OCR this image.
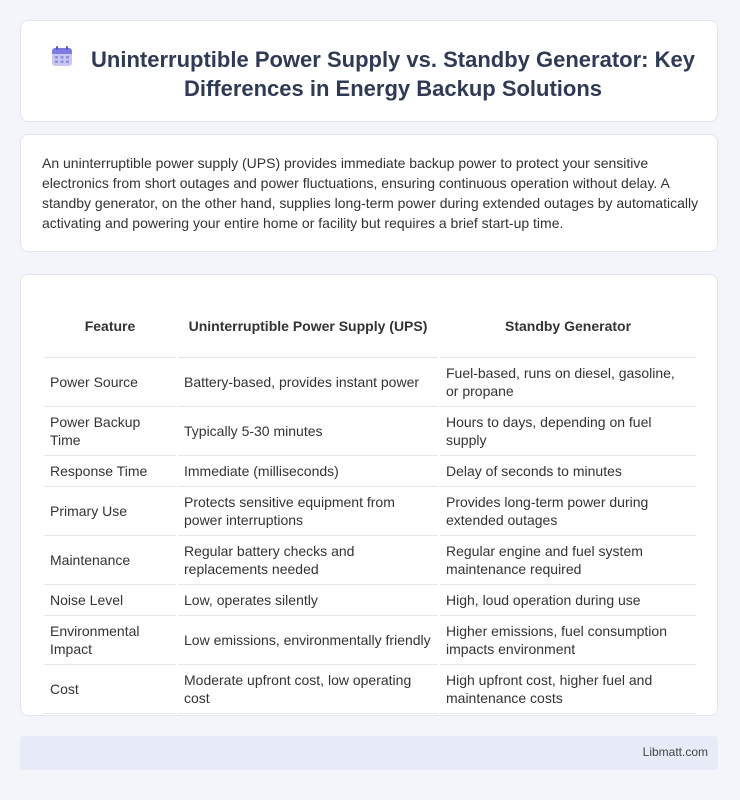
Uninterruptible Power Supply vs. Standby Generator: Key Differences in Energy Backup Solutions

An uninterruptible power supply (UPS) provides immediate backup power to protect your sensitive electronics from short outages and power fluctuations, ensuring continuous operation without delay. A standby generator, on the other hand, supplies long-term power during extended outages by automatically activating and powering your entire home or facility but requires a brief start-up time.

Feature	Uninterruptible Power Supply (UPS)	Standby Generator
Power Source	Battery-based, provides instant power	Fuel-based, runs on diesel, gasoline, or propane
Power Backup Time	Typically 5-30 minutes	Hours to days, depending on fuel supply
Response Time	Immediate (milliseconds)	Delay of seconds to minutes
Primary Use	Protects sensitive equipment from power interruptions	Provides long-term power during extended outages
Maintenance	Regular battery checks and replacements needed	Regular engine and fuel system maintenance required
Noise Level	Low, operates silently	High, loud operation during use
Environmental Impact	Low emissions, environmentally friendly	Higher emissions, fuel consumption impacts environment
Cost	Moderate upfront cost, low operating cost	High upfront cost, higher fuel and maintenance costs
Libmatt.com
